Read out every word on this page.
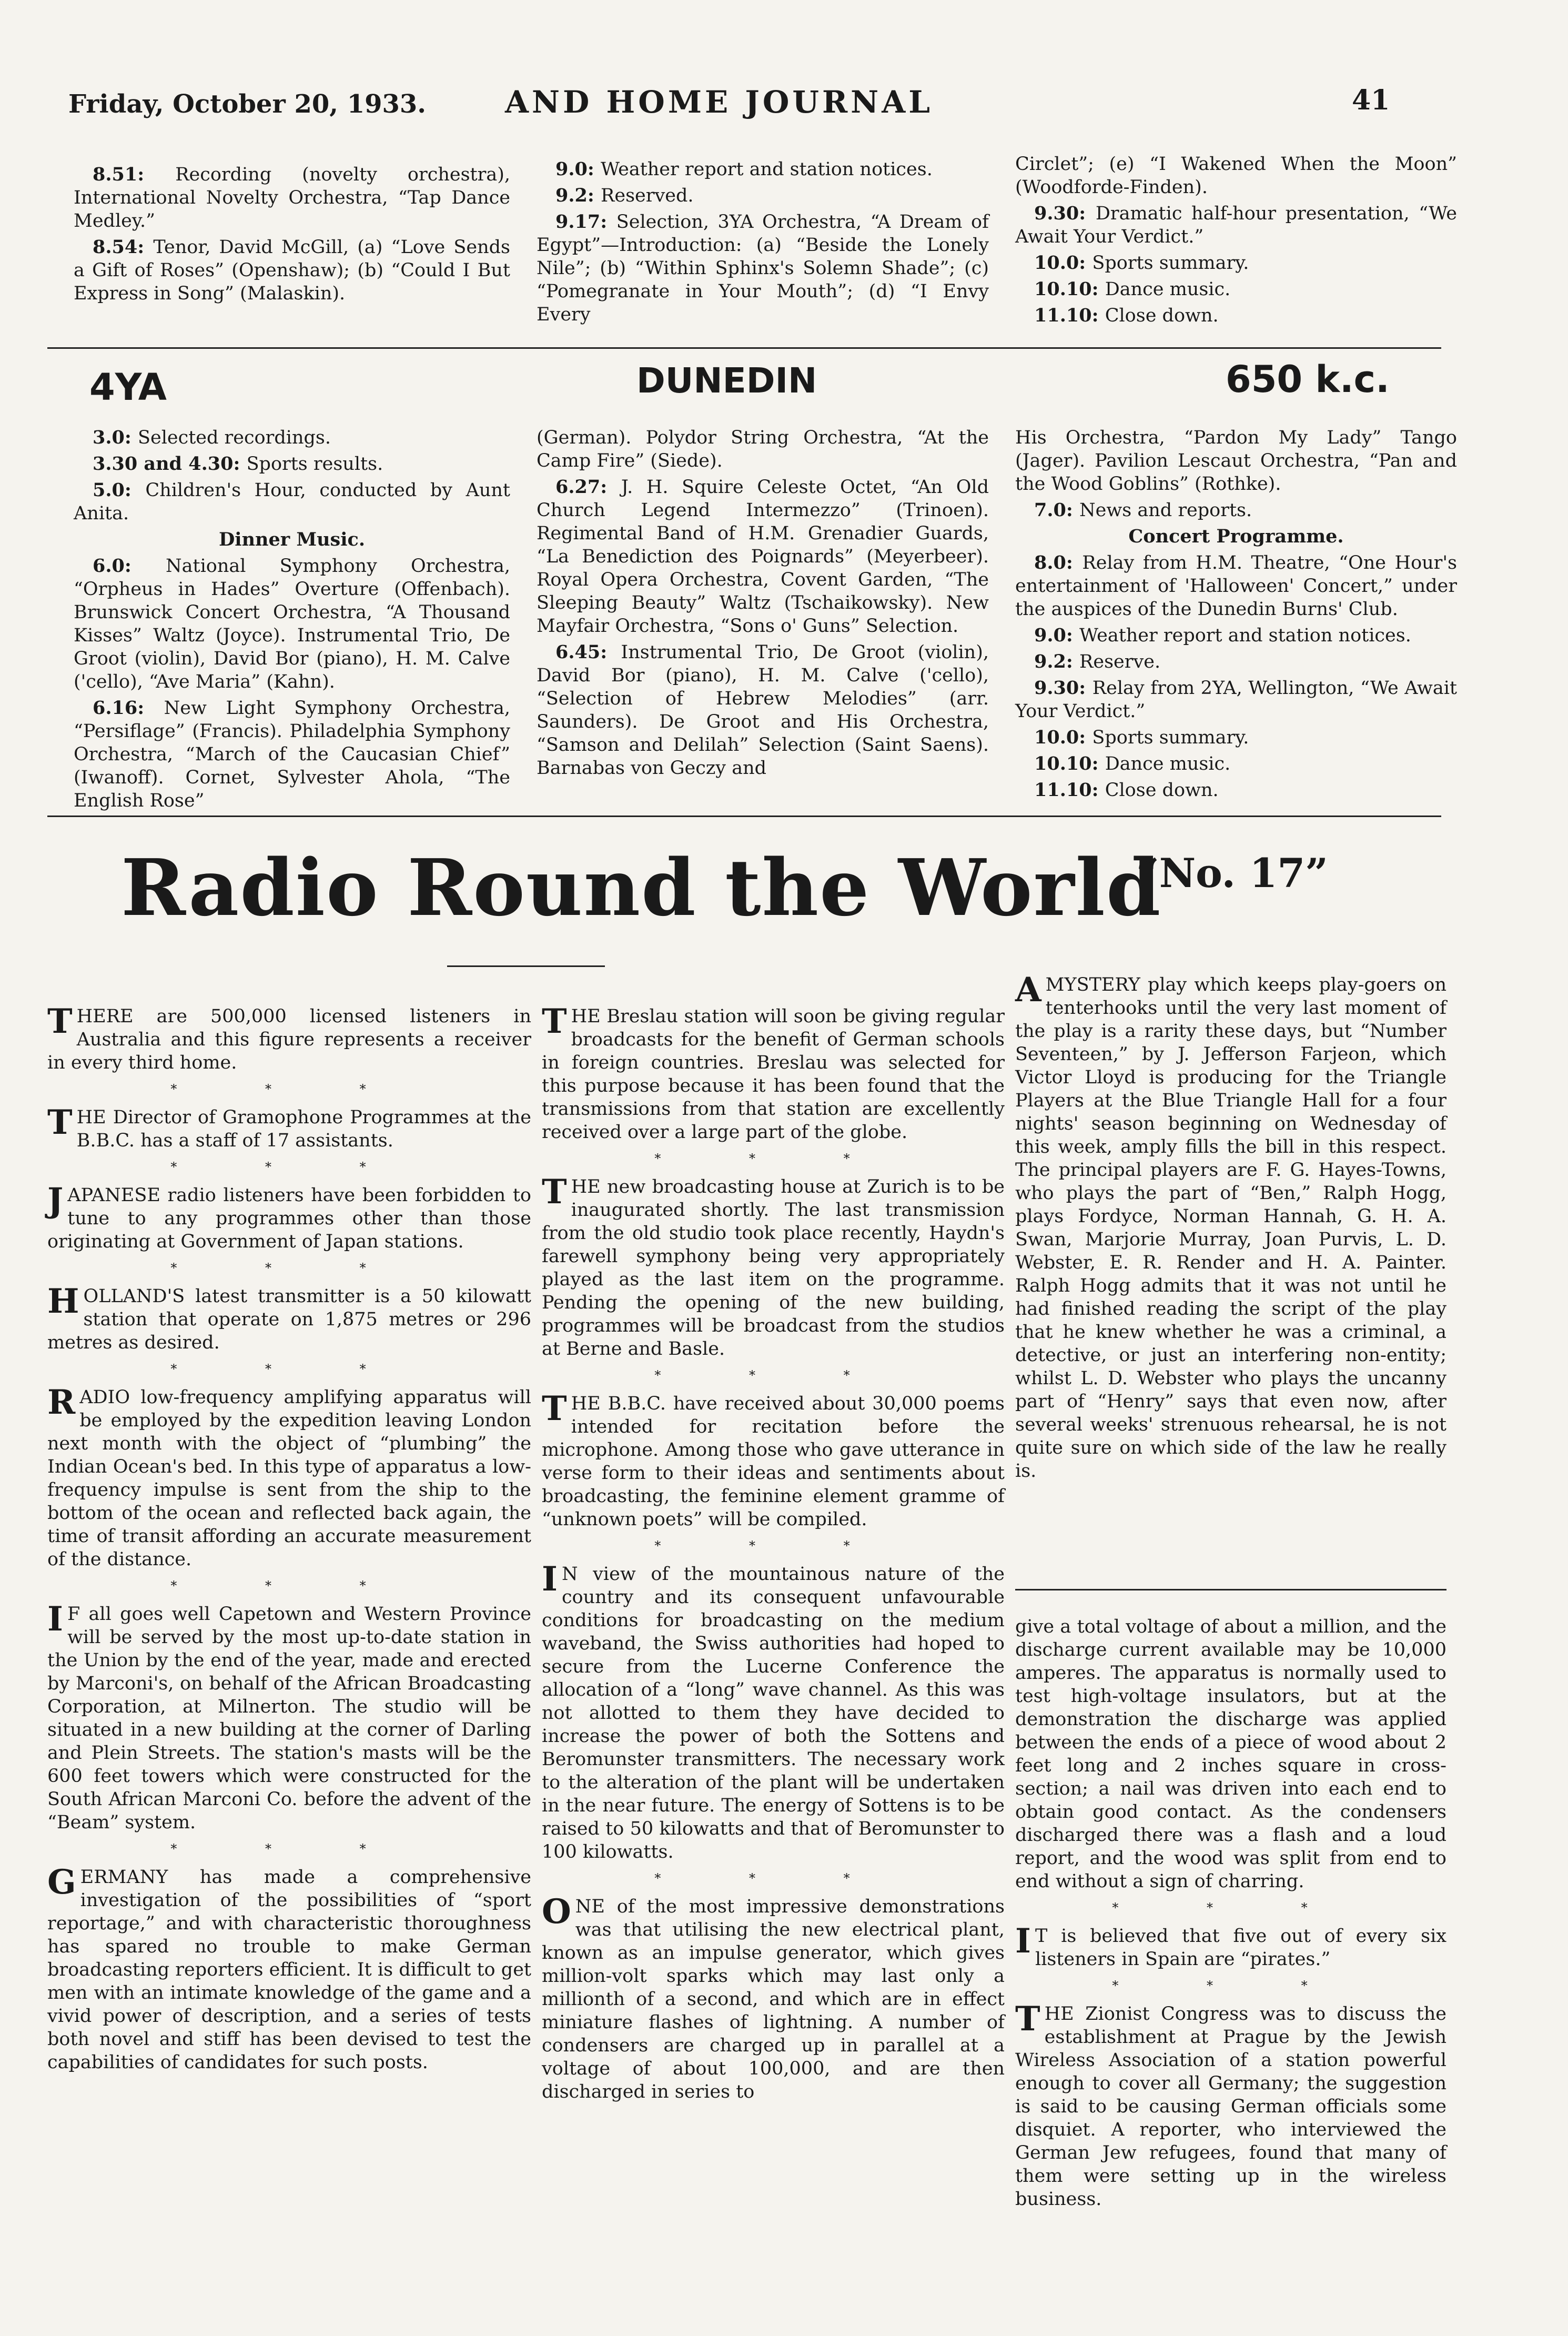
Friday, October 20, 1933.	AND HOME JOURNAL	41

8.51: Recording (novelty orchestra), International Novelty Orchestra, “Tap Dance Medley.”

8.54: Tenor, David McGill, (a) “Love Sends a Gift of Roses” (Openshaw); (b) “Could I But Express in Song” (Malaskin).

9.0: Weather report and station notices.

9.2: Reserved.

9.17: Selection, 3YA Orchestra, “A Dream of Egypt”—Introduction: (a) “Beside the Lonely Nile”; (b) “Within Sphinx's Solemn Shade”; (c) “Pomegranate in Your Mouth”; (d) “I Envy Every

Circlet”; (e) “I Wakened When the Moon” (Woodforde-Finden).

9.30: Dramatic half-hour presentation, “We Await Your Verdict.”

10.0: Sports summary.

10.10: Dance music.

11.10: Close down.

4YA	DUNEDIN	650 k.c.

3.0: Selected recordings.

3.30 and 4.30: Sports results.

5.0: Children's Hour, conducted by Aunt Anita.

Dinner Music.

6.0: National Symphony Orchestra, “Orpheus in Hades” Overture (Offenbach). Brunswick Concert Orchestra, “A Thousand Kisses” Waltz (Joyce). Instrumental Trio, De Groot (violin), David Bor (piano), H. M. Calve ('cello), “Ave Maria” (Kahn).

6.16: New Light Symphony Orchestra, “Persiflage” (Francis). Philadelphia Symphony Orchestra, “March of the Caucasian Chief” (Iwanoff). Cornet, Sylvester Ahola, “The English Rose”

(German). Polydor String Orchestra, “At the Camp Fire” (Siede).

6.27: J. H. Squire Celeste Octet, “An Old Church Legend Intermezzo” (Trinoen). Regimental Band of H.M. Grenadier Guards, “La Benediction des Poignards” (Meyerbeer). Royal Opera Orchestra, Covent Garden, “The Sleeping Beauty” Waltz (Tschaikowsky). New Mayfair Orchestra, “Sons o' Guns” Selection.

6.45: Instrumental Trio, De Groot (violin), David Bor (piano), H. M. Calve ('cello), “Selection of Hebrew Melodies” (arr. Saunders). De Groot and His Orchestra, “Samson and Delilah” Selection (Saint Saens). Barnabas von Geczy and

His Orchestra, “Pardon My Lady” Tango (Jager). Pavilion Lescaut Orchestra, “Pan and the Wood Goblins” (Rothke).

7.0: News and reports.

Concert Programme.

8.0: Relay from H.M. Theatre, “One Hour's entertainment of 'Halloween' Concert,” under the auspices of the Dunedin Burns' Club.

9.0: Weather report and station notices.

9.2: Reserve.

9.30: Relay from 2YA, Wellington, “We Await Your Verdict.”

10.0: Sports summary.

10.10: Dance music.

11.10: Close down.

Radio Round the World
“No. 17”

THERE are 500,000 licensed listeners in Australia and this figure represents a receiver in every third home.

* * *

THE Director of Gramophone Programmes at the B.B.C. has a staff of 17 assistants.

* * *

JAPANESE radio listeners have been forbidden to tune to any programmes other than those originating at Government of Japan stations.

* * *

HOLLAND'S latest transmitter is a 50 kilowatt station that operate on 1,875 metres or 296 metres as desired.

* * *

RADIO low-frequency amplifying apparatus will be employed by the expedition leaving London next month with the object of “plumbing” the Indian Ocean's bed. In this type of apparatus a low-frequency impulse is sent from the ship to the bottom of the ocean and reflected back again, the time of transit affording an accurate measurement of the distance.

* * *

I F all goes well Capetown and Western Province will be served by the most up-to-date station in the Union by the end of the year, made and erected by Marconi's, on behalf of the African Broadcasting Corporation, at Milnerton. The studio will be situated in a new building at the corner of Darling and Plein Streets. The station's masts will be the 600 feet towers which were constructed for the South African Marconi Co. before the advent of the “Beam” system.

* * *

GERMANY has made a comprehensive investigation of the possibilities of “sport reportage,” and with characteristic thoroughness has spared no trouble to make German broadcasting reporters efficient. It is difficult to get men with an intimate knowledge of the game and a vivid power of description, and a series of tests both novel and stiff has been devised to test the capabilities of candidates for such posts.

THE Breslau station will soon be giving regular broadcasts for the benefit of German schools in foreign countries. Breslau was selected for this purpose because it has been found that the transmissions from that station are excellently received over a large part of the globe.

* * *

THE new broadcasting house at Zurich is to be inaugurated shortly. The last transmission from the old studio took place recently, Haydn's farewell symphony being very appropriately played as the last item on the programme. Pending the opening of the new building, programmes will be broadcast from the studios at Berne and Basle.

* * *

THE B.B.C. have received about 30,000 poems intended for recitation before the microphone. Among those who gave utterance in verse form to their ideas and sentiments about broadcasting, the feminine element gramme of “unknown poets” will be compiled.

* * *

I N view of the mountainous nature of the country and its consequent unfavourable conditions for broadcasting on the medium waveband, the Swiss authorities had hoped to secure from the Lucerne Conference the allocation of a “long” wave channel. As this was not allotted to them they have decided to increase the power of both the Sottens and Beromunster transmitters. The necessary work to the alteration of the plant will be undertaken in the near future. The energy of Sottens is to be raised to 50 kilowatts and that of Beromunster to 100 kilowatts.

* * *

ONE of the most impressive demonstrations was that utilising the new electrical plant, known as an impulse generator, which gives million-volt sparks which may last only a millionth of a second, and which are in effect miniature flashes of lightning. A number of condensers are charged up in parallel at a voltage of about 100,000, and are then discharged in series to

AMYSTERY play which keeps play-goers on tenterhooks until the very last moment of the play is a rarity these days, but “Number Seventeen,” by J. Jefferson Farjeon, which Victor Lloyd is producing for the Triangle Players at the Blue Triangle Hall for a four nights' season beginning on Wednesday of this week, amply fills the bill in this respect. The principal players are F. G. Hayes-Towns, who plays the part of “Ben,” Ralph Hogg, plays Fordyce, Norman Hannah, G. H. A. Swan, Marjorie Murray, Joan Purvis, L. D. Webster, E. R. Render and H. A. Painter. Ralph Hogg admits that it was not until he had finished reading the script of the play that he knew whether he was a criminal, a detective, or just an interfering non-entity; whilst L. D. Webster who plays the uncanny part of “Henry” says that even now, after several weeks' strenuous rehearsal, he is not quite sure on which side of the law he really is.

give a total voltage of about a million, and the discharge current available may be 10,000 amperes. The apparatus is normally used to test high-voltage insulators, but at the demonstration the discharge was applied between the ends of a piece of wood about 2 feet long and 2 inches square in cross-section; a nail was driven into each end to obtain good contact. As the condensers discharged there was a flash and a loud report, and the wood was split from end to end without a sign of charring.

* * *

I T is believed that five out of every six listeners in Spain are “pirates.”

* * *

THE Zionist Congress was to discuss the establishment at Prague by the Jewish Wireless Association of a station powerful enough to cover all Germany; the suggestion is said to be causing German officials some disquiet. A reporter, who interviewed the German Jew refugees, found that many of them were setting up in the wireless business.
